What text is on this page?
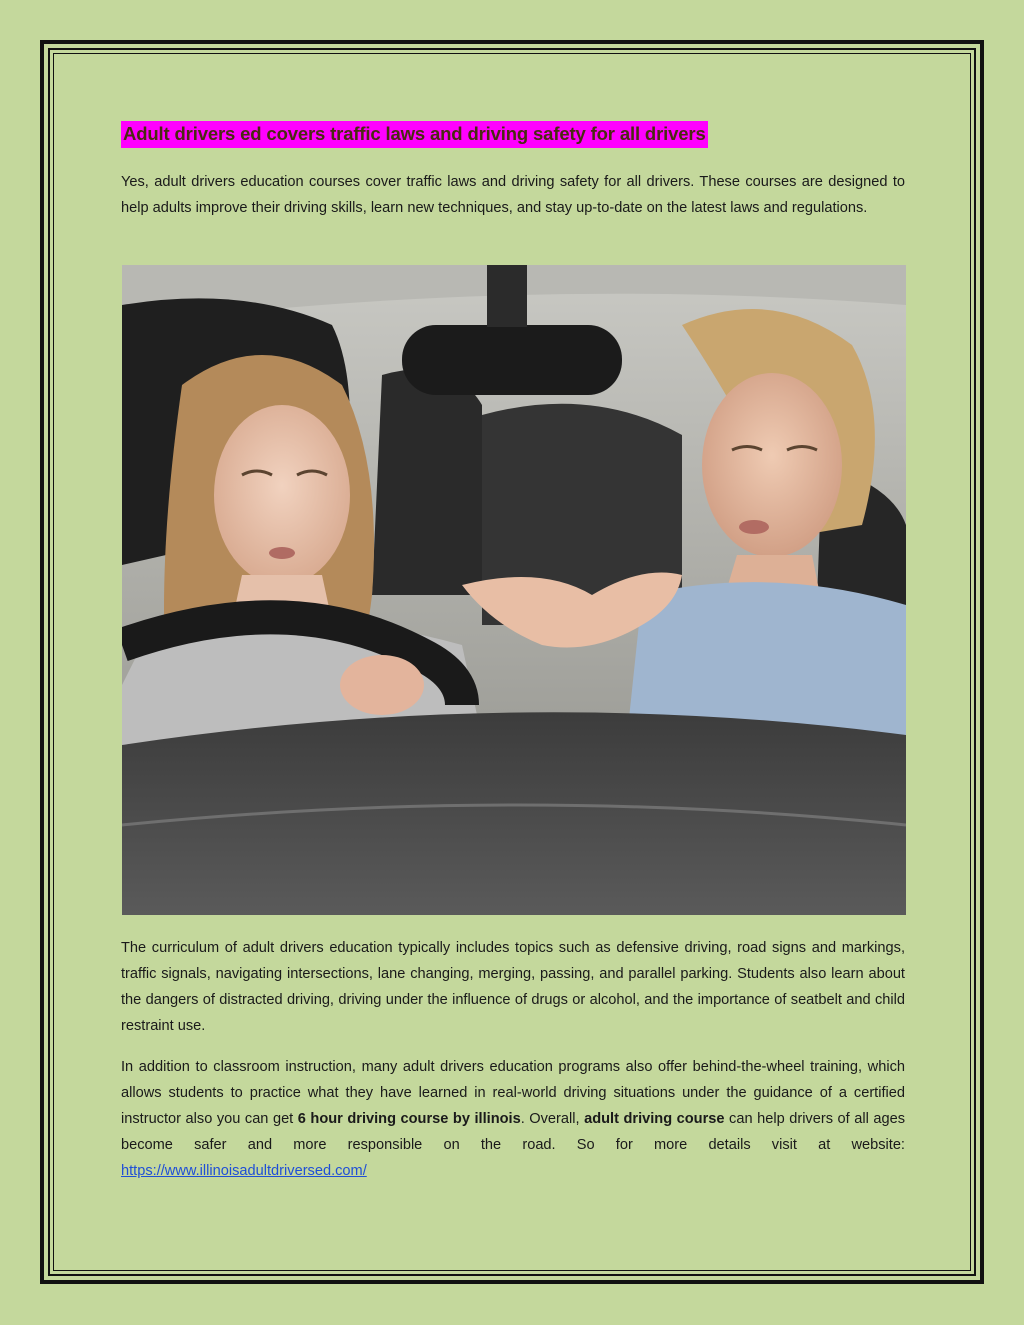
Adult drivers ed covers traffic laws and driving safety for all drivers

Yes, adult drivers education courses cover traffic laws and driving safety for all drivers. These courses are designed to help adults improve their driving skills, learn new techniques, and stay up-to-date on the latest laws and regulations.

The curriculum of adult drivers education typically includes topics such as defensive driving, road signs and markings, traffic signals, navigating intersections, lane changing, merging, passing, and parallel parking. Students also learn about the dangers of distracted driving, driving under the influence of drugs or alcohol, and the importance of seatbelt and child restraint use.

In addition to classroom instruction, many adult drivers education programs also offer behind-the-wheel training, which allows students to practice what they have learned in real-world driving situations under the guidance of a certified instructor also you can get 6 hour driving course by illinois. Overall, adult driving course can help drivers of all ages become safer and more responsible on the road. So for more details visit at website: https://www.illinoisadultdriversed.com/
